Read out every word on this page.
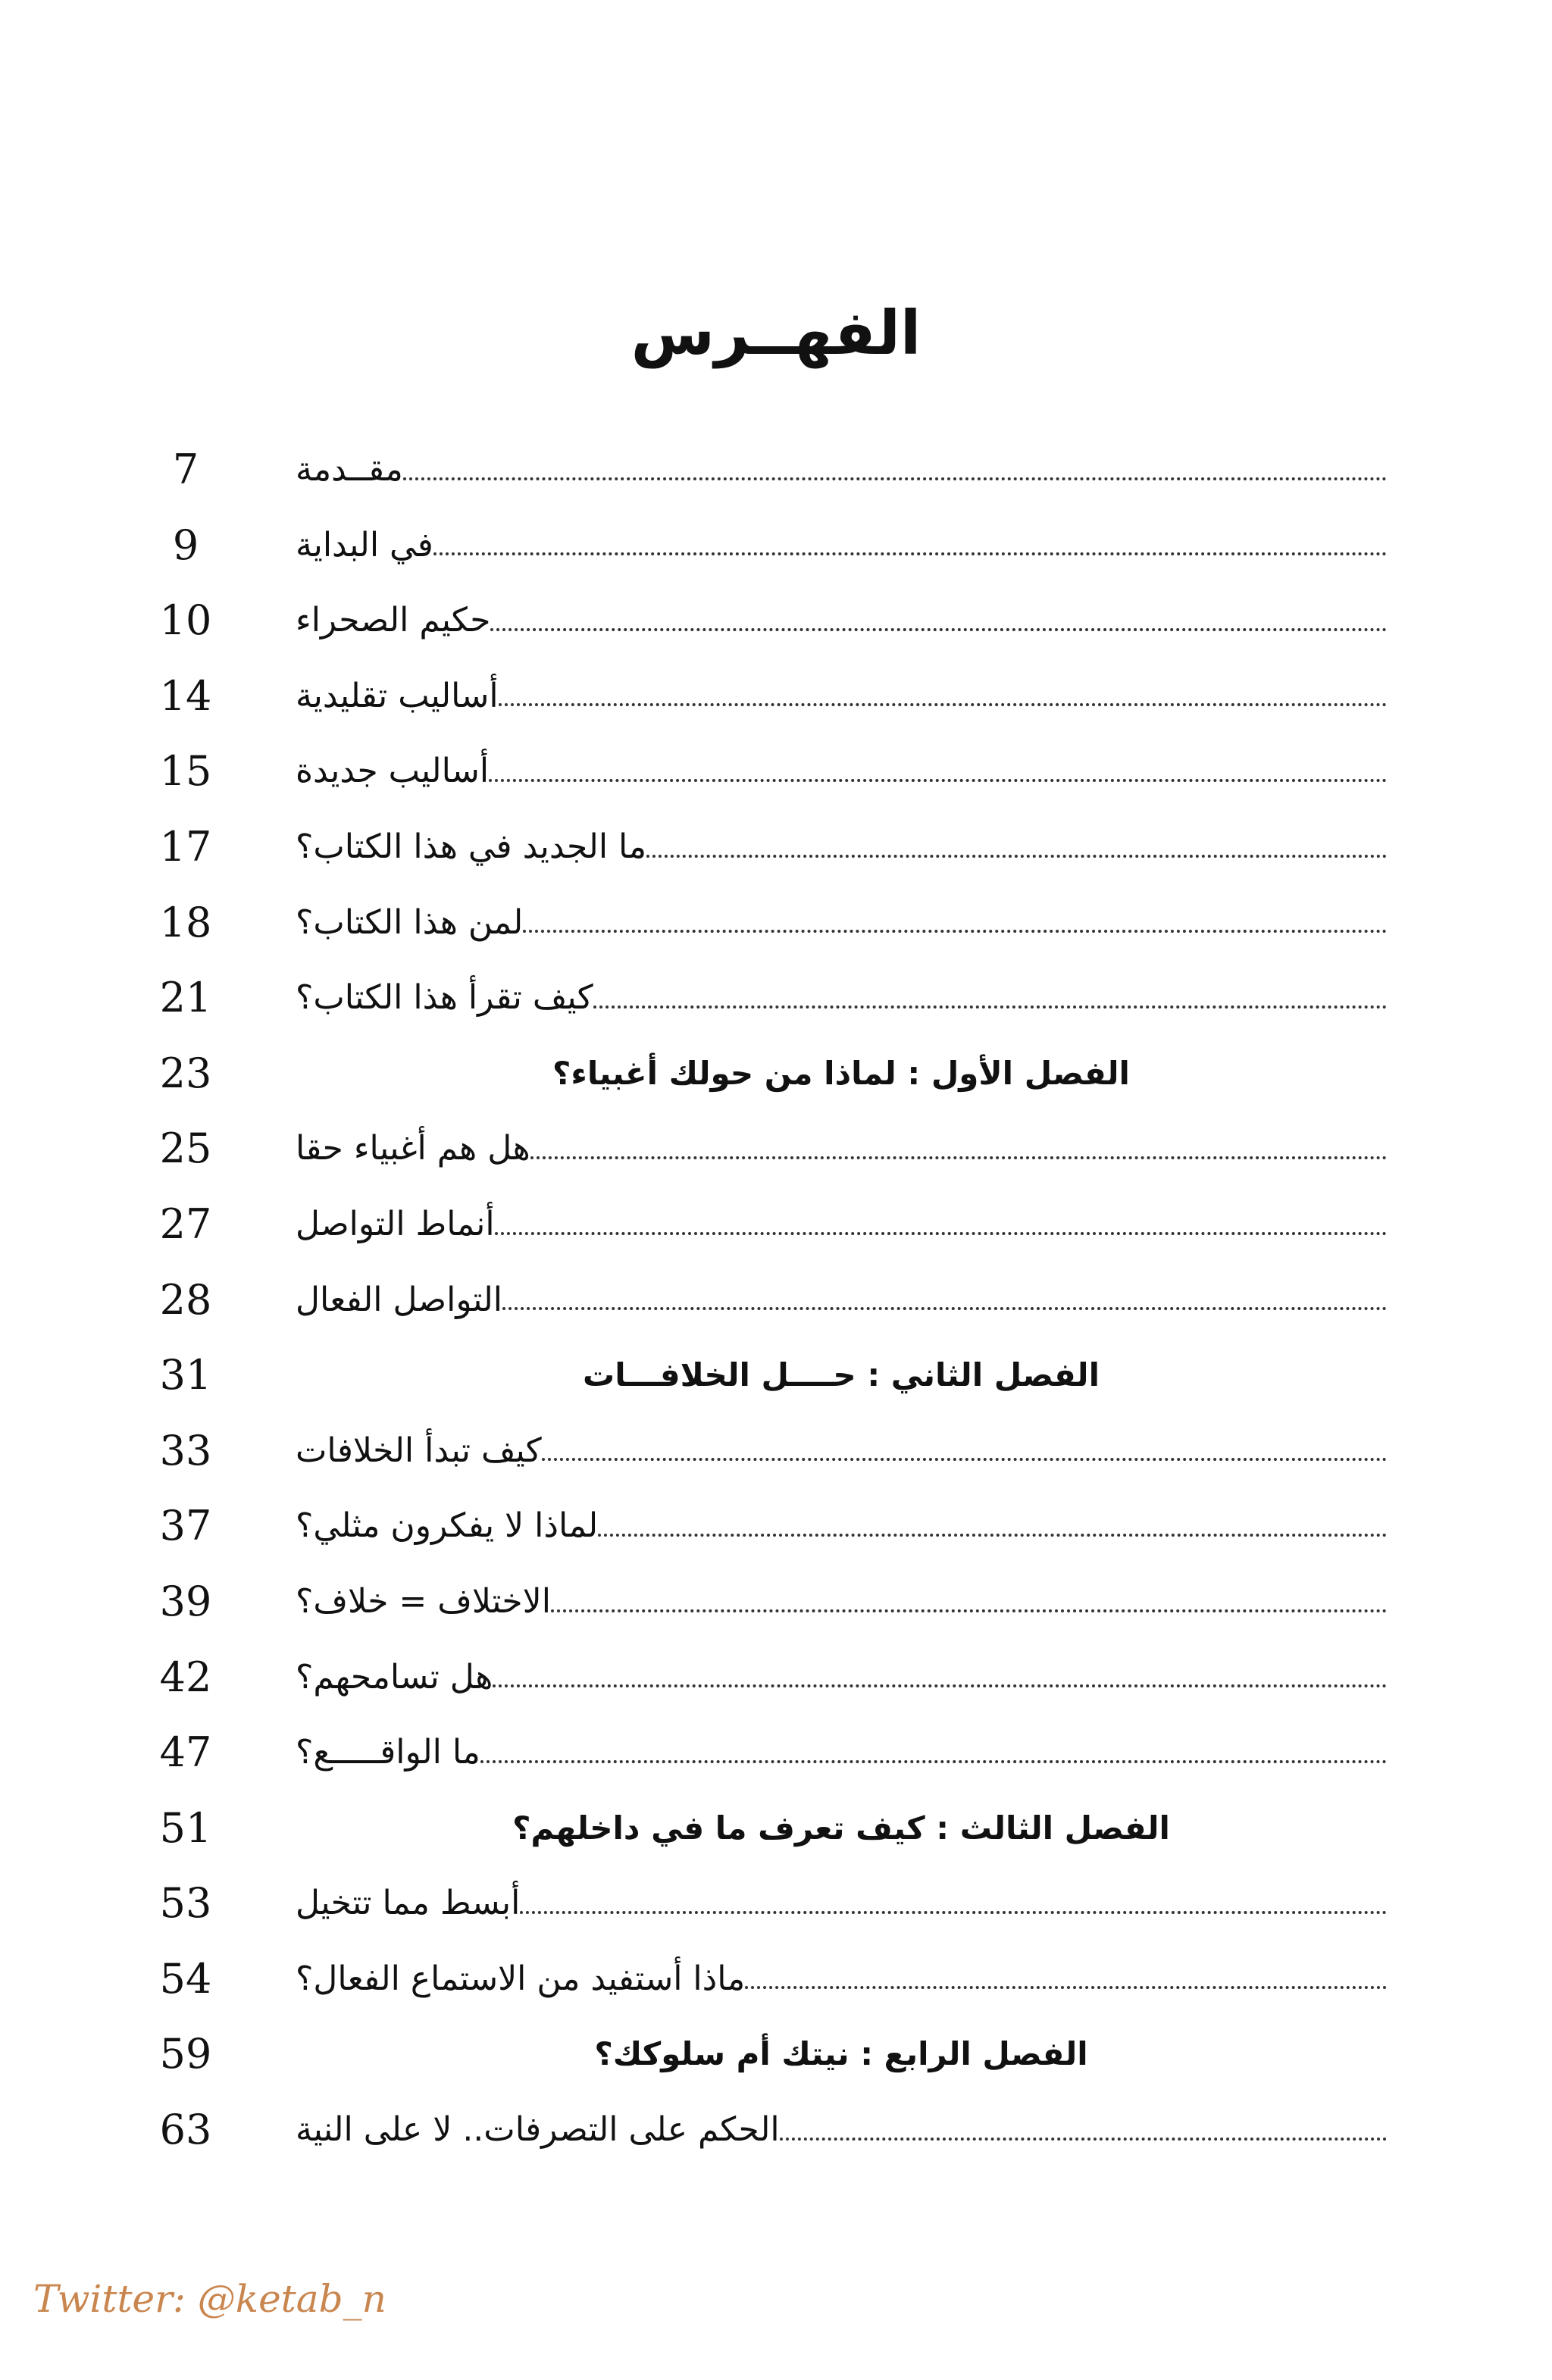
الفهــرس
7	مقــدمة
9	في البداية
10	حكيم الصحراء
14	أساليب تقليدية
15	أساليب جديدة
17	ما الجديد في هذا الكتاب؟
18	لمن هذا الكتاب؟
21	كيف تقرأ هذا الكتاب؟
23	الفصل الأول : لماذا من حولك أغبياء؟
25	هل هم أغبياء حقا
27	أنماط التواصل
28	التواصل الفعال
31	الفصل الثاني : حــــل الخلافـــات
33	كيف تبدأ الخلافات
37	لماذا لا يفكرون مثلي؟
39	الاختلاف = خلاف؟
42	هل تسامحهم؟
47	ما الواقـــــع؟
51	الفصل الثالث : كيف تعرف ما في داخلهم؟
53	أبسط مما تتخيل
54	ماذا أستفيد من الاستماع الفعال؟
59	الفصل الرابع : نيتك أم سلوكك؟
63	الحكم على التصرفات.. لا على النية
Twitter: @ketab_n
